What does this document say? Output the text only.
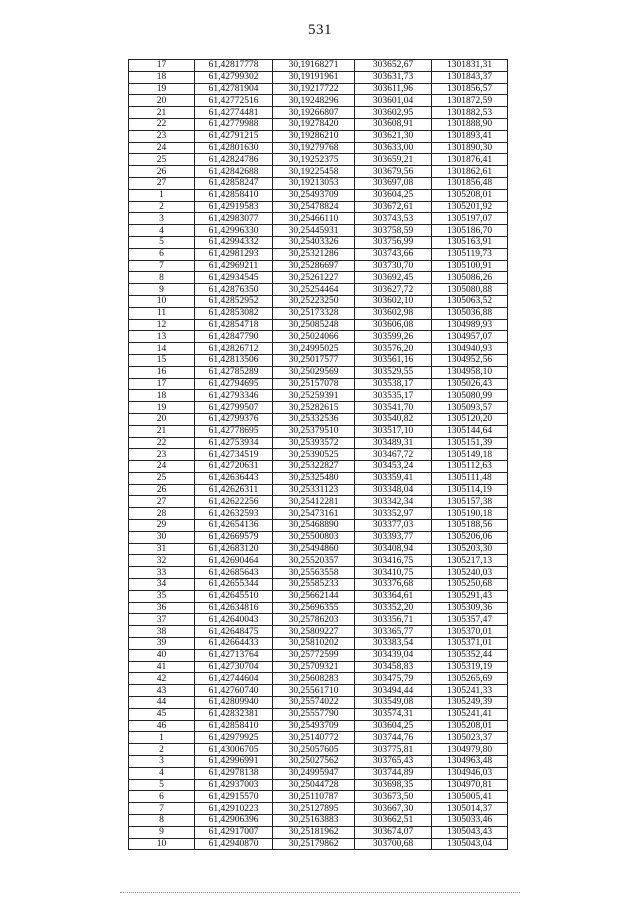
531
17	61,42817778	30,19168271	303652,67	1301831,31
18	61,42799302	30,19191961	303631,73	1301843,37
19	61,42781904	30,19217722	303611,96	1301856,57
20	61,42772516	30,19248296	303601,04	1301872,59
21	61,42774481	30,19266807	303602,95	1301882,53
22	61,42779988	30,19278420	303608,91	1301888,90
23	61,42791215	30,19286210	303621,30	1301893,41
24	61,42801630	30,19279768	303633,00	1301890,30
25	61,42824786	30,19252375	303659,21	1301876,41
26	61,42842688	30,19225458	303679,56	1301862,61
27	61,42858247	30,19213053	303697,08	1301856,48
1	61,42858410	30,25493709	303604,25	1305208,01
2	61,42919583	30,25478824	303672,61	1305201,92
3	61,42983077	30,25466110	303743,53	1305197,07
4	61,42996330	30,25445931	303758,59	1305186,70
5	61,42994332	30,25403326	303756,99	1305163,91
6	61,42981293	30,25321286	303743,66	1305119,73
7	61,42969211	30,25286697	303730,70	1305100,91
8	61,42934545	30,25261227	303692,45	1305086,26
9	61,42876350	30,25254464	303627,72	1305080,88
10	61,42852952	30,25223250	303602,10	1305063,52
11	61,42853082	30,25173328	303602,98	1305036,88
12	61,42854718	30,25085248	303606,08	1304989,93
13	61,42847790	30,25024066	303599,26	1304957,07
14	61,42826712	30,24995025	303576,20	1304940,93
15	61,42813506	30,25017577	303561,16	1304952,56
16	61,42785289	30,25029569	303529,55	1304958,10
17	61,42794695	30,25157078	303538,17	1305026,43
18	61,42793346	30,25259391	303535,17	1305080,99
19	61,42799507	30,25282615	303541,70	1305093,57
20	61,42799376	30,25332536	303540,82	1305120,20
21	61,42778695	30,25379510	303517,10	1305144,64
22	61,42753934	30,25393572	303489,31	1305151,39
23	61,42734519	30,25390525	303467,72	1305149,18
24	61,42720631	30,25322827	303453,24	1305112,63
25	61,42636443	30,25325480	303359,41	1305111,48
26	61,42626311	30,25331123	303348,04	1305114,19
27	61,42622256	30,25412281	303342,34	1305157,38
28	61,42632593	30,25473161	303352,97	1305190,18
29	61,42654136	30,25468890	303377,03	1305188,56
30	61,42669579	30,25500803	303393,77	1305206,06
31	61,42683120	30,25494860	303408,94	1305203,30
32	61,42690464	30,25520357	303416,75	1305217,13
33	61,42685643	30,25563558	303410,75	1305240,03
34	61,42655344	30,25585233	303376,68	1305250,68
35	61,42645510	30,25662144	303364,61	1305291,43
36	61,42634816	30,25696355	303352,20	1305309,36
37	61,42640043	30,25786203	303356,71	1305357,47
38	61,42648475	30,25809227	303365,77	1305370,01
39	61,42664433	30,25810202	303383,54	1305371,01
40	61,42713764	30,25772599	303439,04	1305352,44
41	61,42730704	30,25709321	303458,83	1305319,19
42	61,42744604	30,25608283	303475,79	1305265,69
43	61,42760740	30,25561710	303494,44	1305241,33
44	61,42809940	30,25574022	303549,08	1305249,39
45	61,42832381	30,25557790	303574,31	1305241,41
46	61,42858410	30,25493709	303604,25	1305208,01
1	61,42979925	30,25140772	303744,76	1305023,37
2	61,43006705	30,25057605	303775,81	1304979,80
3	61,42996991	30,25027562	303765,43	1304963,48
4	61,42978138	30,24995947	303744,89	1304946,03
5	61,42937003	30,25044728	303698,35	1304970,81
6	61,42915570	30,25110787	303673,50	1305005,41
7	61,42910223	30,25127895	303667,30	1305014,37
8	61,42906396	30,25163883	303662,51	1305033,46
9	61,42917007	30,25181962	303674,07	1305043,43
10	61,42940870	30,25179862	303700,68	1305043,04
